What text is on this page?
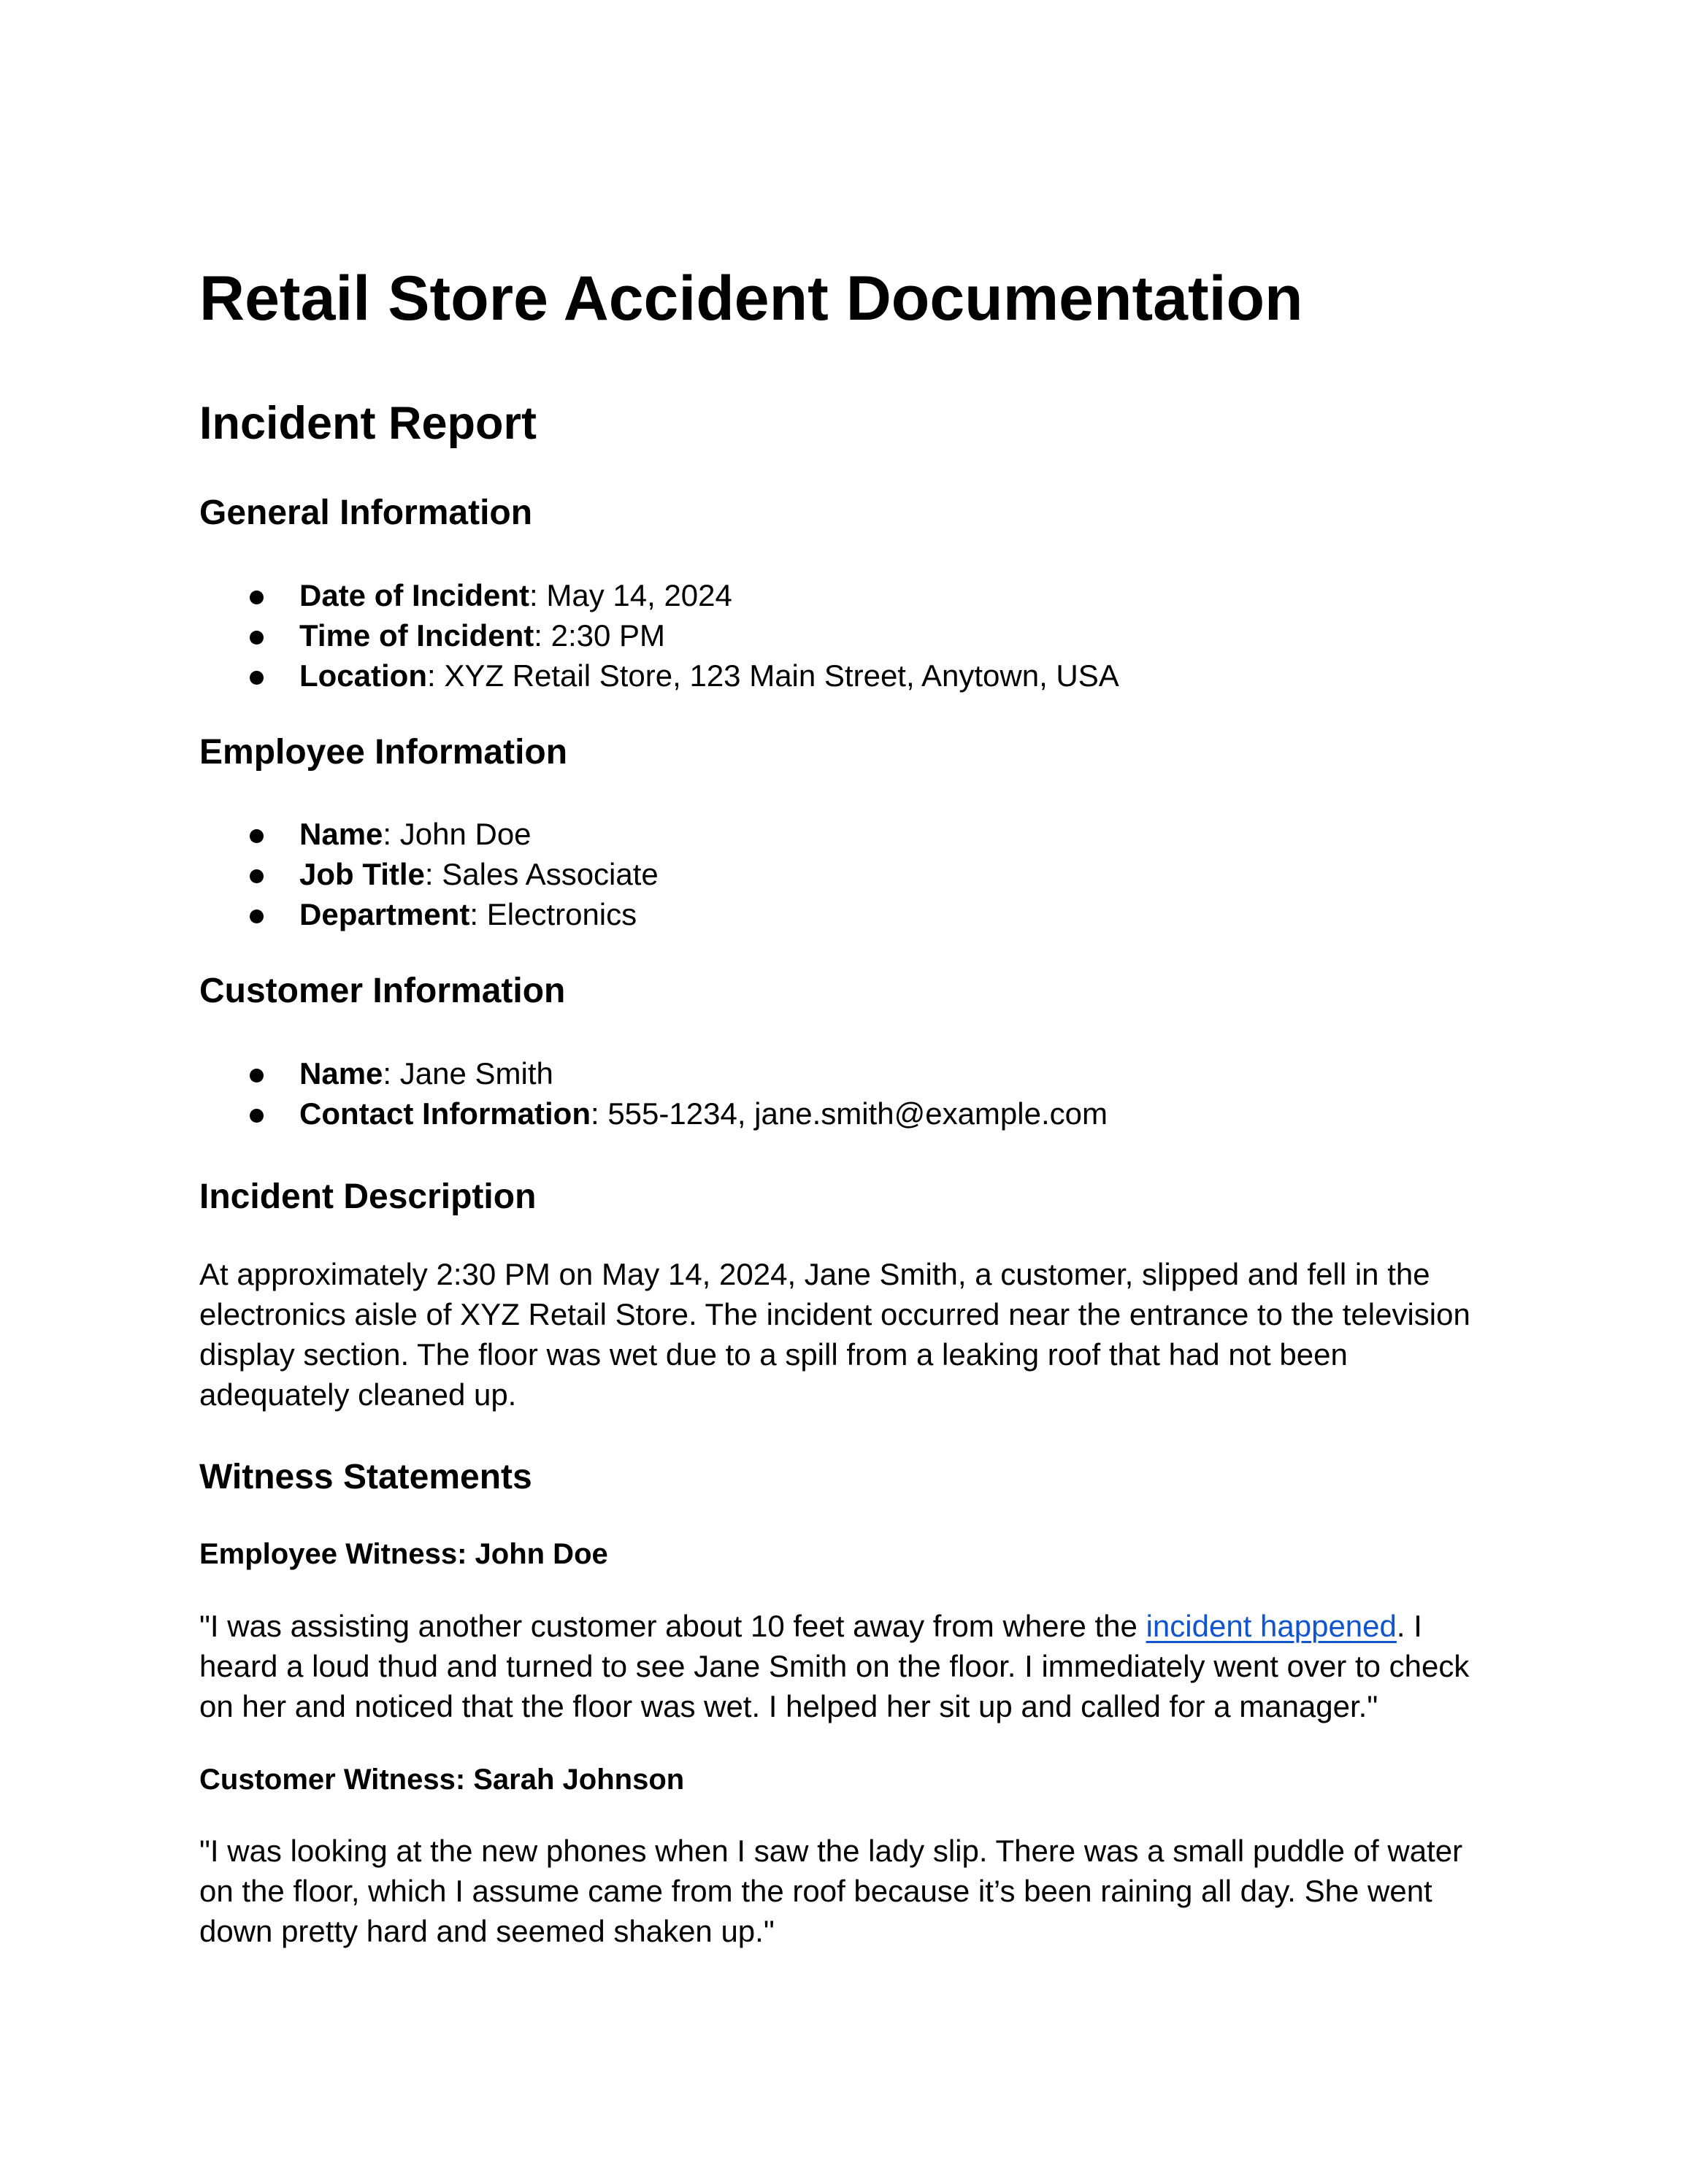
Retail Store Accident Documentation
Incident Report
General Information
Date of Incident: May 14, 2024
Time of Incident: 2:30 PM
Location: XYZ Retail Store, 123 Main Street, Anytown, USA
Employee Information
Name: John Doe
Job Title: Sales Associate
Department: Electronics
Customer Information
Name: Jane Smith
Contact Information: 555-1234, jane.smith@example.com
Incident Description

At approximately 2:30 PM on May 14, 2024, Jane Smith, a customer, slipped and fell in the
electronics aisle of XYZ Retail Store. The incident occurred near the entrance to the television
display section. The floor was wet due to a spill from a leaking roof that had not been
adequately cleaned up.

Witness Statements
Employee Witness: John Doe

"I was assisting another customer about 10 feet away from where the incident happened. I
heard a loud thud and turned to see Jane Smith on the floor. I immediately went over to check
on her and noticed that the floor was wet. I helped her sit up and called for a manager."

Customer Witness: Sarah Johnson

"I was looking at the new phones when I saw the lady slip. There was a small puddle of water
on the floor, which I assume came from the roof because it’s been raining all day. She went
down pretty hard and seemed shaken up."
